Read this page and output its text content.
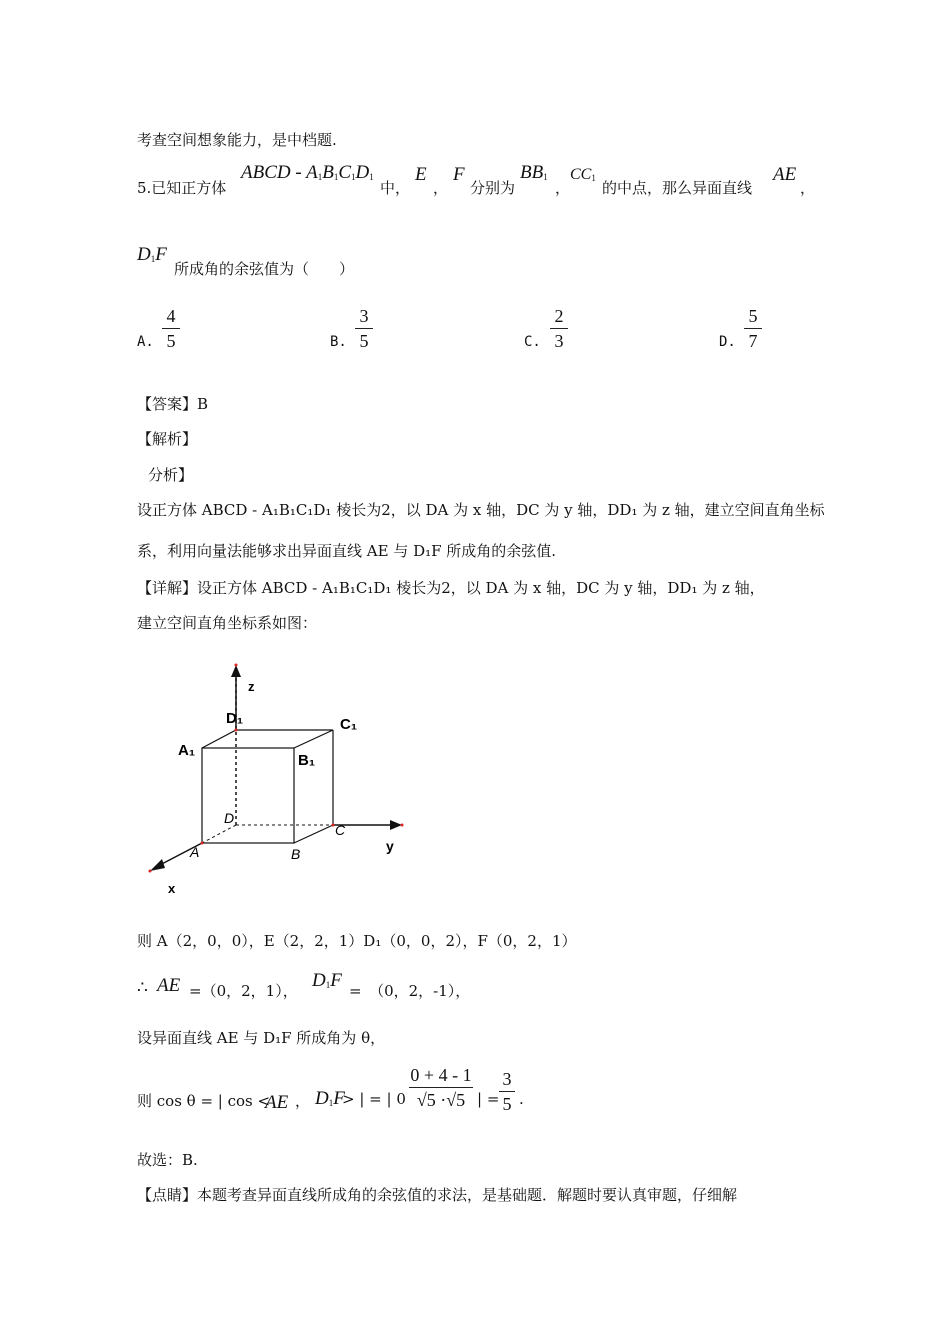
考查空间想象能力，是中档题.
5.已知正方体
ABCD - $A_1B_1C_1D_1$
中，
E
，
F
分别为
$BB_1$
，
$CC_1$
的中点，那么异面直线
AE
，
$D_1F$
所成角的余弦值为（　　）
A.
4
5	B.
3
5	C.
2
3	D.
5
7
【答案】B
【解析】
分析】
设正方体 ABCD - A₁B₁C₁D₁ 棱长为2，以 DA 为 x 轴，DC 为 y 轴，DD₁ 为 z 轴，建立空间直角坐标
系，利用向量法能够求出异面直线 AE 与 D₁F 所成角的余弦值.
【详解】设正方体 ABCD - A₁B₁C₁D₁ 棱长为2，以 DA 为 x 轴，DC 为 y 轴，DD₁ 为 z 轴，
建立空间直角坐标系如图：
z
y
x
D₁	C₁
A₁
B₁
D
C
A	B
则 A（2，0，0），E（2，2，1）D₁（0，0，2），F（0，2，1）
∴ AE =（0，2，1）， $D_1F$ =　（0，2，-1），
设异面直线 AE 与 D₁F 所成角为 θ，
则 cos θ = | cos <
AE ， $D_1F$
> | = | 0
0 + 4 - 1
√5 ·√5 | =
3
5 .
故选：B.
【点睛】本题考查异面直线所成角的余弦值的求法，是基础题．解题时要认真审题，仔细解
